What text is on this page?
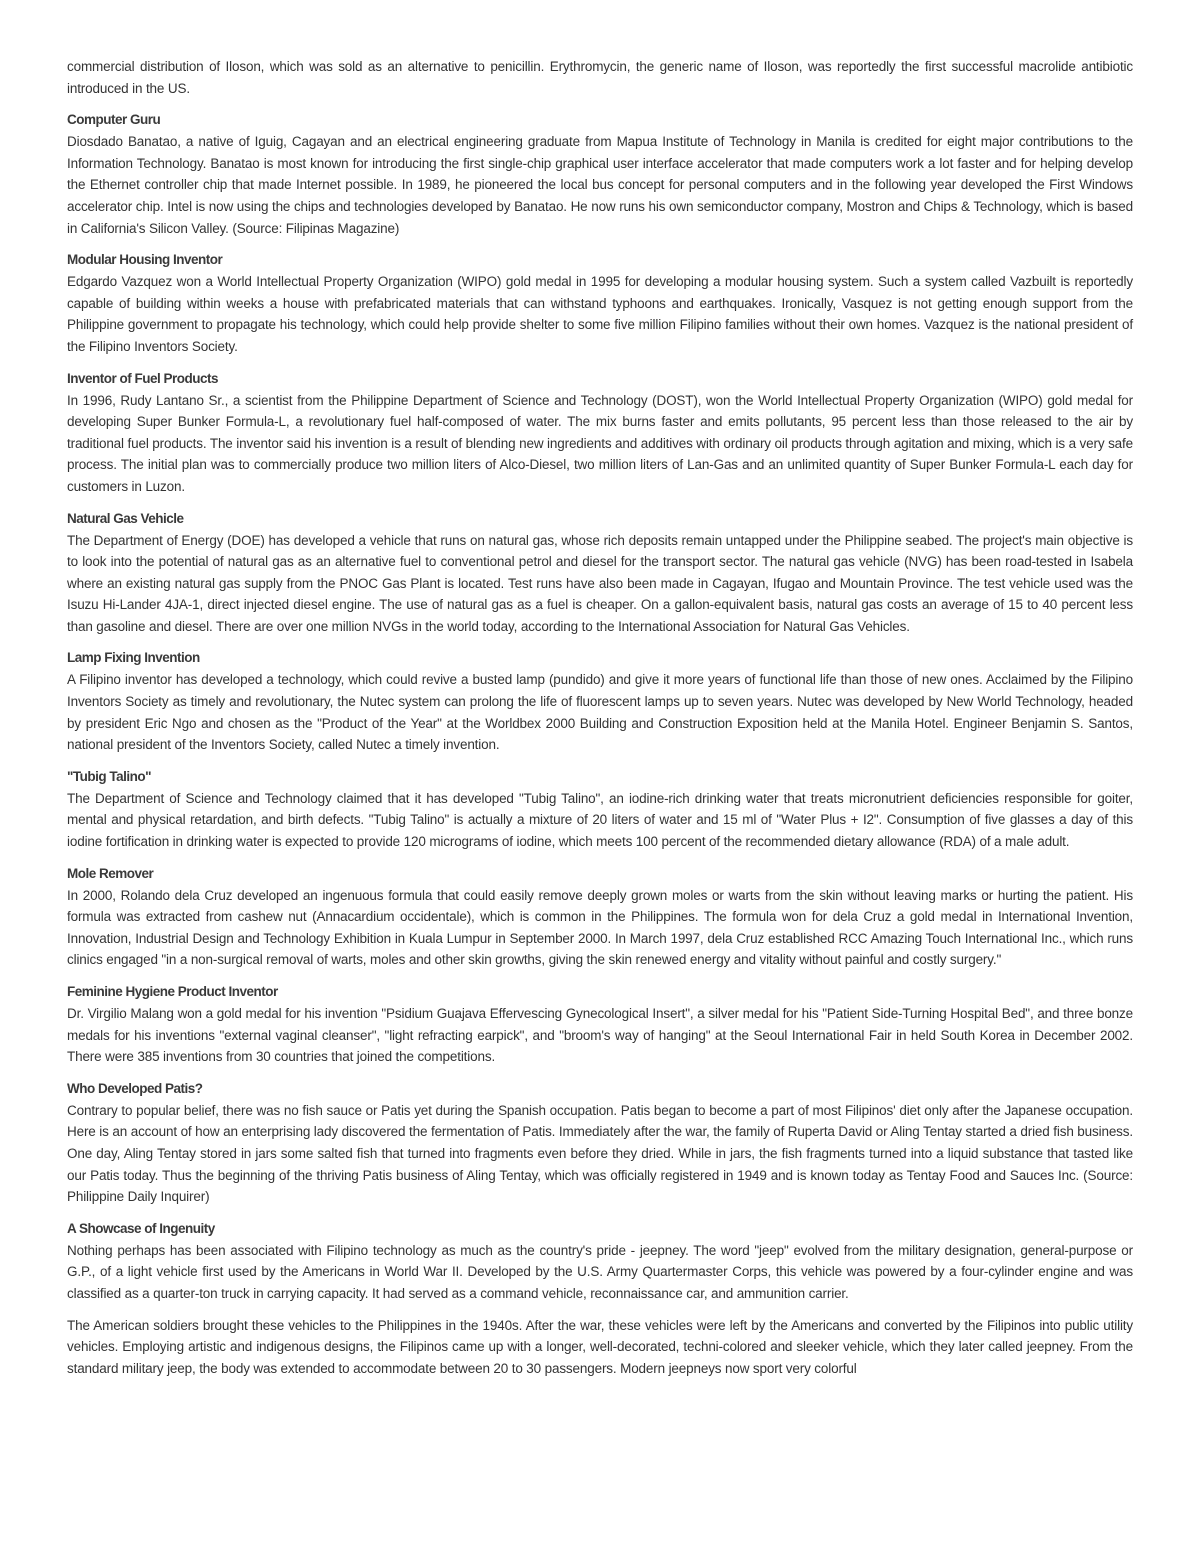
commercial distribution of Iloson, which was sold as an alternative to penicillin. Erythromycin, the generic name of Iloson, was reportedly the first successful macrolide antibiotic introduced in the US.

Computer Guru

Diosdado Banatao, a native of Iguig, Cagayan and an electrical engineering graduate from Mapua Institute of Technology in Manila is credited for eight major contributions to the Information Technology. Banatao is most known for introducing the first single-chip graphical user interface accelerator that made computers work a lot faster and for helping develop the Ethernet controller chip that made Internet possible. In 1989, he pioneered the local bus concept for personal computers and in the following year developed the First Windows accelerator chip. Intel is now using the chips and technologies developed by Banatao. He now runs his own semiconductor company, Mostron and Chips & Technology, which is based in California's Silicon Valley. (Source: Filipinas Magazine)

Modular Housing Inventor

Edgardo Vazquez won a World Intellectual Property Organization (WIPO) gold medal in 1995 for developing a modular housing system. Such a system called Vazbuilt is reportedly capable of building within weeks a house with prefabricated materials that can withstand typhoons and earthquakes. Ironically, Vasquez is not getting enough support from the Philippine government to propagate his technology, which could help provide shelter to some five million Filipino families without their own homes. Vazquez is the national president of the Filipino Inventors Society.

Inventor of Fuel Products

In 1996, Rudy Lantano Sr., a scientist from the Philippine Department of Science and Technology (DOST), won the World Intellectual Property Organization (WIPO) gold medal for developing Super Bunker Formula-L, a revolutionary fuel half-composed of water. The mix burns faster and emits pollutants, 95 percent less than those released to the air by traditional fuel products. The inventor said his invention is a result of blending new ingredients and additives with ordinary oil products through agitation and mixing, which is a very safe process. The initial plan was to commercially produce two million liters of Alco-Diesel, two million liters of Lan-Gas and an unlimited quantity of Super Bunker Formula-L each day for customers in Luzon.

Natural Gas Vehicle

The Department of Energy (DOE) has developed a vehicle that runs on natural gas, whose rich deposits remain untapped under the Philippine seabed. The project's main objective is to look into the potential of natural gas as an alternative fuel to conventional petrol and diesel for the transport sector. The natural gas vehicle (NVG) has been road-tested in Isabela where an existing natural gas supply from the PNOC Gas Plant is located. Test runs have also been made in Cagayan, Ifugao and Mountain Province. The test vehicle used was the Isuzu Hi-Lander 4JA-1, direct injected diesel engine. The use of natural gas as a fuel is cheaper. On a gallon-equivalent basis, natural gas costs an average of 15 to 40 percent less than gasoline and diesel. There are over one million NVGs in the world today, according to the International Association for Natural Gas Vehicles.

Lamp Fixing Invention

A Filipino inventor has developed a technology, which could revive a busted lamp (pundido) and give it more years of functional life than those of new ones. Acclaimed by the Filipino Inventors Society as timely and revolutionary, the Nutec system can prolong the life of fluorescent lamps up to seven years. Nutec was developed by New World Technology, headed by president Eric Ngo and chosen as the "Product of the Year" at the Worldbex 2000 Building and Construction Exposition held at the Manila Hotel. Engineer Benjamin S. Santos, national president of the Inventors Society, called Nutec a timely invention.

"Tubig Talino"

The Department of Science and Technology claimed that it has developed "Tubig Talino", an iodine-rich drinking water that treats micronutrient deficiencies responsible for goiter, mental and physical retardation, and birth defects. "Tubig Talino" is actually a mixture of 20 liters of water and 15 ml of "Water Plus + I2". Consumption of five glasses a day of this iodine fortification in drinking water is expected to provide 120 micrograms of iodine, which meets 100 percent of the recommended dietary allowance (RDA) of a male adult.

Mole Remover

In 2000, Rolando dela Cruz developed an ingenuous formula that could easily remove deeply grown moles or warts from the skin without leaving marks or hurting the patient. His formula was extracted from cashew nut (Annacardium occidentale), which is common in the Philippines. The formula won for dela Cruz a gold medal in International Invention, Innovation, Industrial Design and Technology Exhibition in Kuala Lumpur in September 2000. In March 1997, dela Cruz established RCC Amazing Touch International Inc., which runs clinics engaged "in a non-surgical removal of warts, moles and other skin growths, giving the skin renewed energy and vitality without painful and costly surgery."

Feminine Hygiene Product Inventor

Dr. Virgilio Malang won a gold medal for his invention "Psidium Guajava Effervescing Gynecological Insert", a silver medal for his "Patient Side-Turning Hospital Bed", and three bonze medals for his inventions "external vaginal cleanser", "light refracting earpick", and "broom's way of hanging" at the Seoul International Fair in held South Korea in December 2002. There were 385 inventions from 30 countries that joined the competitions.

Who Developed Patis?

Contrary to popular belief, there was no fish sauce or Patis yet during the Spanish occupation. Patis began to become a part of most Filipinos' diet only after the Japanese occupation. Here is an account of how an enterprising lady discovered the fermentation of Patis. Immediately after the war, the family of Ruperta David or Aling Tentay started a dried fish business. One day, Aling Tentay stored in jars some salted fish that turned into fragments even before they dried. While in jars, the fish fragments turned into a liquid substance that tasted like our Patis today. Thus the beginning of the thriving Patis business of Aling Tentay, which was officially registered in 1949 and is known today as Tentay Food and Sauces Inc. (Source: Philippine Daily Inquirer)

A Showcase of Ingenuity

Nothing perhaps has been associated with Filipino technology as much as the country's pride - jeepney. The word "jeep" evolved from the military designation, general-purpose or G.P., of a light vehicle first used by the Americans in World War II. Developed by the U.S. Army Quartermaster Corps, this vehicle was powered by a four-cylinder engine and was classified as a quarter-ton truck in carrying capacity. It had served as a command vehicle, reconnaissance car, and ammunition carrier.

The American soldiers brought these vehicles to the Philippines in the 1940s. After the war, these vehicles were left by the Americans and converted by the Filipinos into public utility vehicles. Employing artistic and indigenous designs, the Filipinos came up with a longer, well-decorated, techni-colored and sleeker vehicle, which they later called jeepney. From the standard military jeep, the body was extended to accommodate between 20 to 30 passengers. Modern jeepneys now sport very colorful
